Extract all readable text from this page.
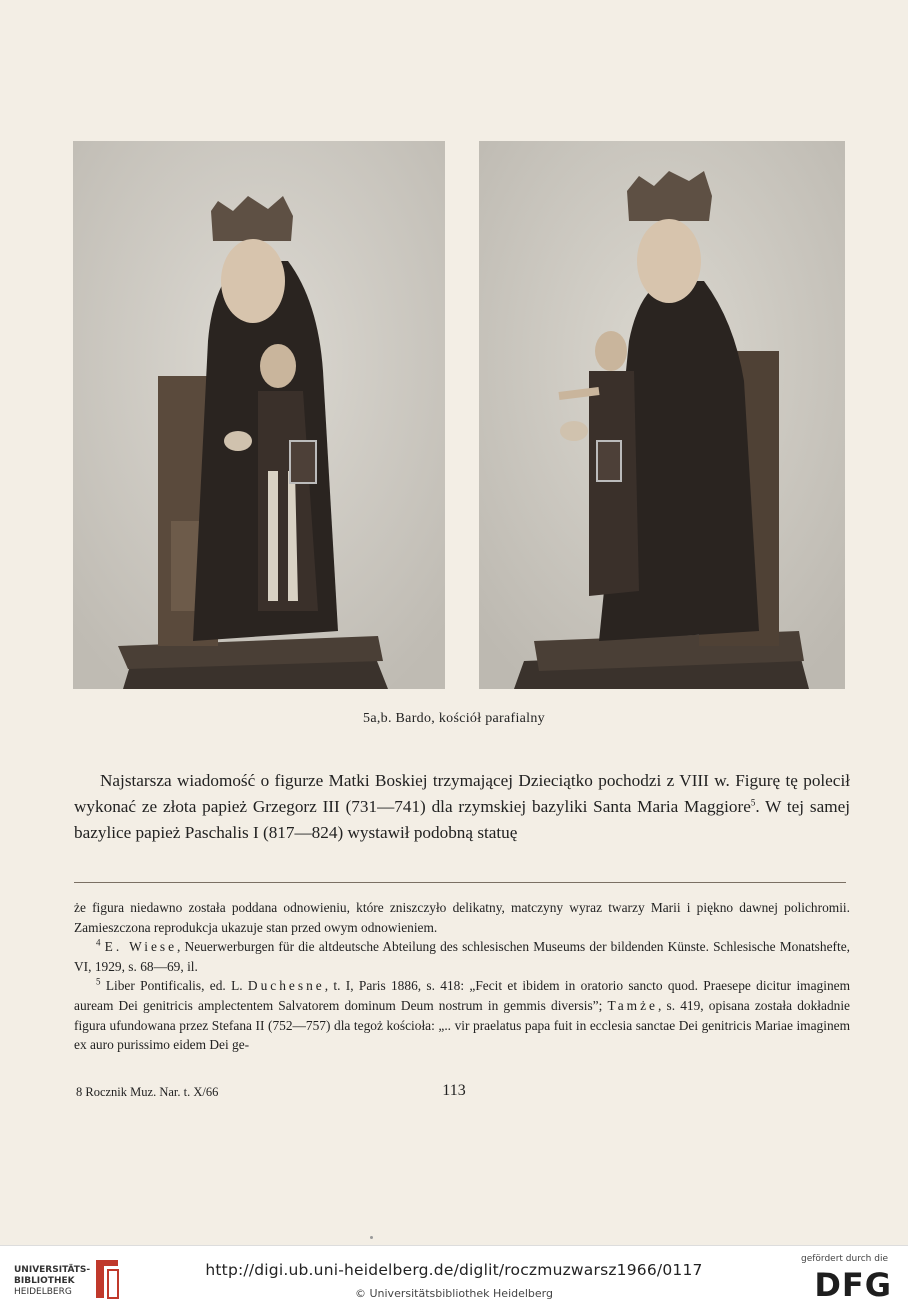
5a,b. Bardo, kościół parafialny

Najstarsza wiadomość o figurze Matki Boskiej trzymającej Dzieciątko pochodzi z VIII w. Figurę tę polecił wykonać ze złota papież Grzegorz III (731—741) dla rzymskiej bazyliki Santa Maria Maggiore$^5$. W tej samej bazylice papież Paschalis I (817—824) wystawił podobną statuę

że figura niedawno została poddana odnowieniu, które zniszczyło delikatny, matczyny wyraz twarzy Marii i piękno dawnej polichromii. Zamieszczona reprodukcja ukazuje stan przed owym odnowieniem.

$^4$ E. Wiese, Neuerwerburgen für die altdeutsche Abteilung des schlesischen Museums der bildenden Künste. Schlesische Monatshefte, VI, 1929, s. 68—69, il.

$^5$ Liber Pontificalis, ed. L. Duchesne, t. I, Paris 1886, s. 418: „Fecit et ibidem in oratorio sancto quod. Praesepe dicitur imaginem auream Dei genitricis amplectentem Salvatorem dominum Deum nostrum in gemmis diversis”; Tamże, s. 419, opisana została dokładnie figura ufundowana przez Stefana II (752—757) dla tegoż kościoła: „.. vir praelatus papa fuit in ecclesia sanctae Dei genitricis Mariae imaginem ex auro purissimo eidem Dei ge-

8 Rocznik Muz. Nar. t. X/66	113
UNIVERSITÄTS-
BIBLIOTHEK
HEIDELBERG
http://digi.ub.uni-heidelberg.de/diglit/roczmuzwarsz1966/0117
© Universitätsbibliothek Heidelberg
gefördert durch die
DFG
